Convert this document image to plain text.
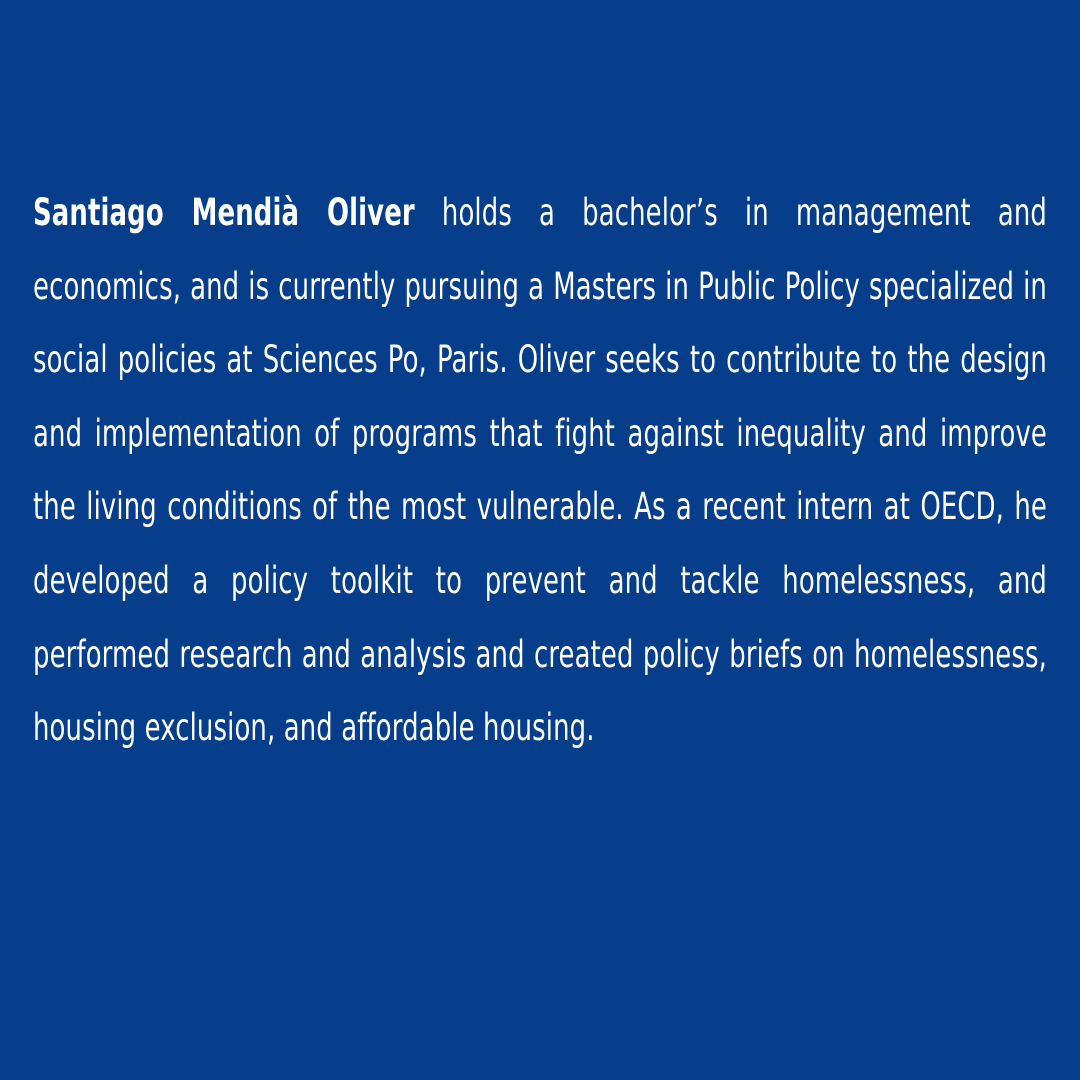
Santiago Mendià Oliver holds a bachelor’s in management and economics, and is currently pursuing a Masters in Public Policy specialized in social policies at Sciences Po, Paris. Oliver seeks to contribute to the design and implementation of programs that fight against inequality and improve the living conditions of the most vulnerable. As a recent intern at OECD, he developed a policy toolkit to prevent and tackle homelessness, and performed research and analysis and created policy briefs on homelessness, housing exclusion, and affordable housing.
